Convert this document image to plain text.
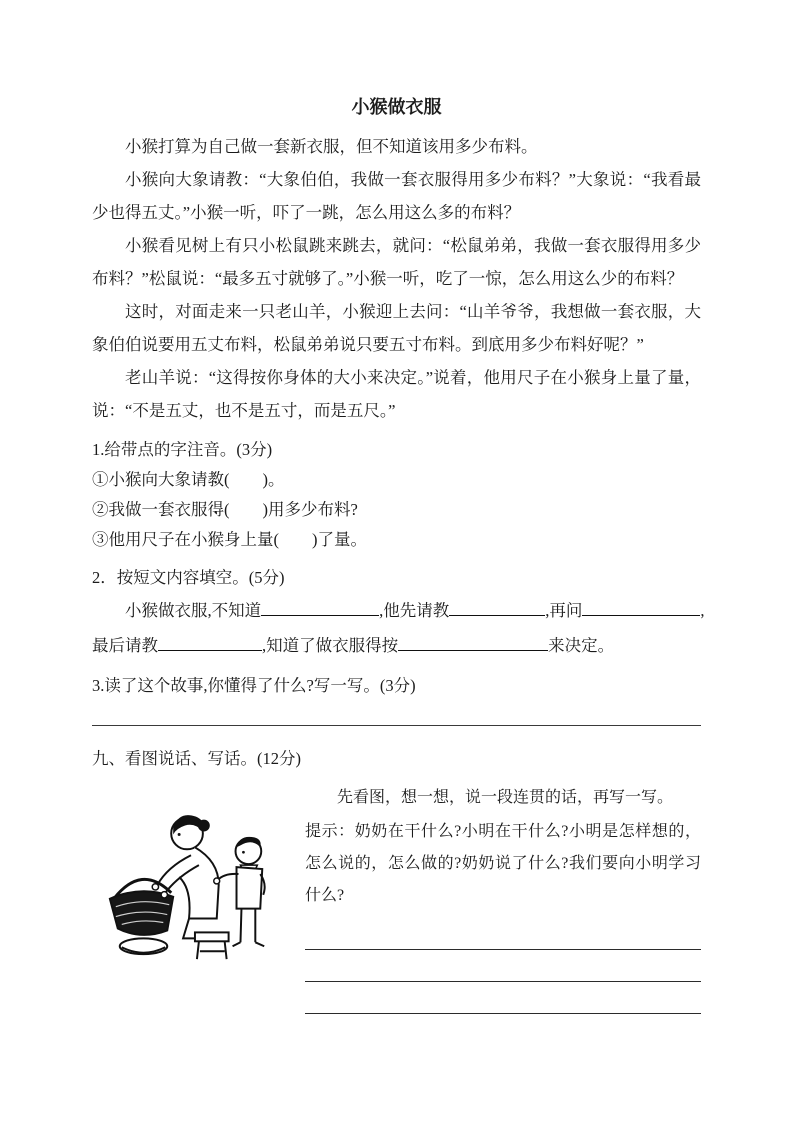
小猴做衣服

小猴打算为自己做一套新衣服，但不知道该用多少布料。

小猴向大象请教：“大象伯伯，我做一套衣服得用多少布料？”大象说：“我看最少也得五丈。”小猴一听，吓了一跳，怎么用这么多的布料？

小猴看见树上有只小松鼠跳来跳去，就问：“松鼠弟弟，我做一套衣服得用多少布料？”松鼠说：“最多五寸就够了。”小猴一听，吃了一惊，怎么用这么少的布料？

这时，对面走来一只老山羊，小猴迎上去问：“山羊爷爷，我想做一套衣服，大象伯伯说要用五丈布料，松鼠弟弟说只要五寸布料。到底用多少布料好呢？”

老山羊说：“这得按你身体的大小来决定。”说着，他用尺子在小猴身上量了量，说：“不是五丈，也不是五寸，而是五尺。”

1.给带点的字注音。(3分)
①小猴向大象请教 ·(　　)。
②我做一套衣服得 ·(　　)用多少布料?
③他用尺子在小猴身上量 ·(　　)了量。
2．按短文内容填空。(5分)
小猴做衣服,不知道	,他先请教	,再问	,
最后请教	,知道了做衣服得按	来决定。
3.读了这个故事,你懂得了什么?写一写。(3分)
九、看图说话、写话。(12分)

先看图，想一想，说一段连贯的话，再写一写。

提示：奶奶在干什么?小明在干什么?小明是怎样想的，怎么说的，怎么做的?奶奶说了什么?我们要向小明学习什么?
